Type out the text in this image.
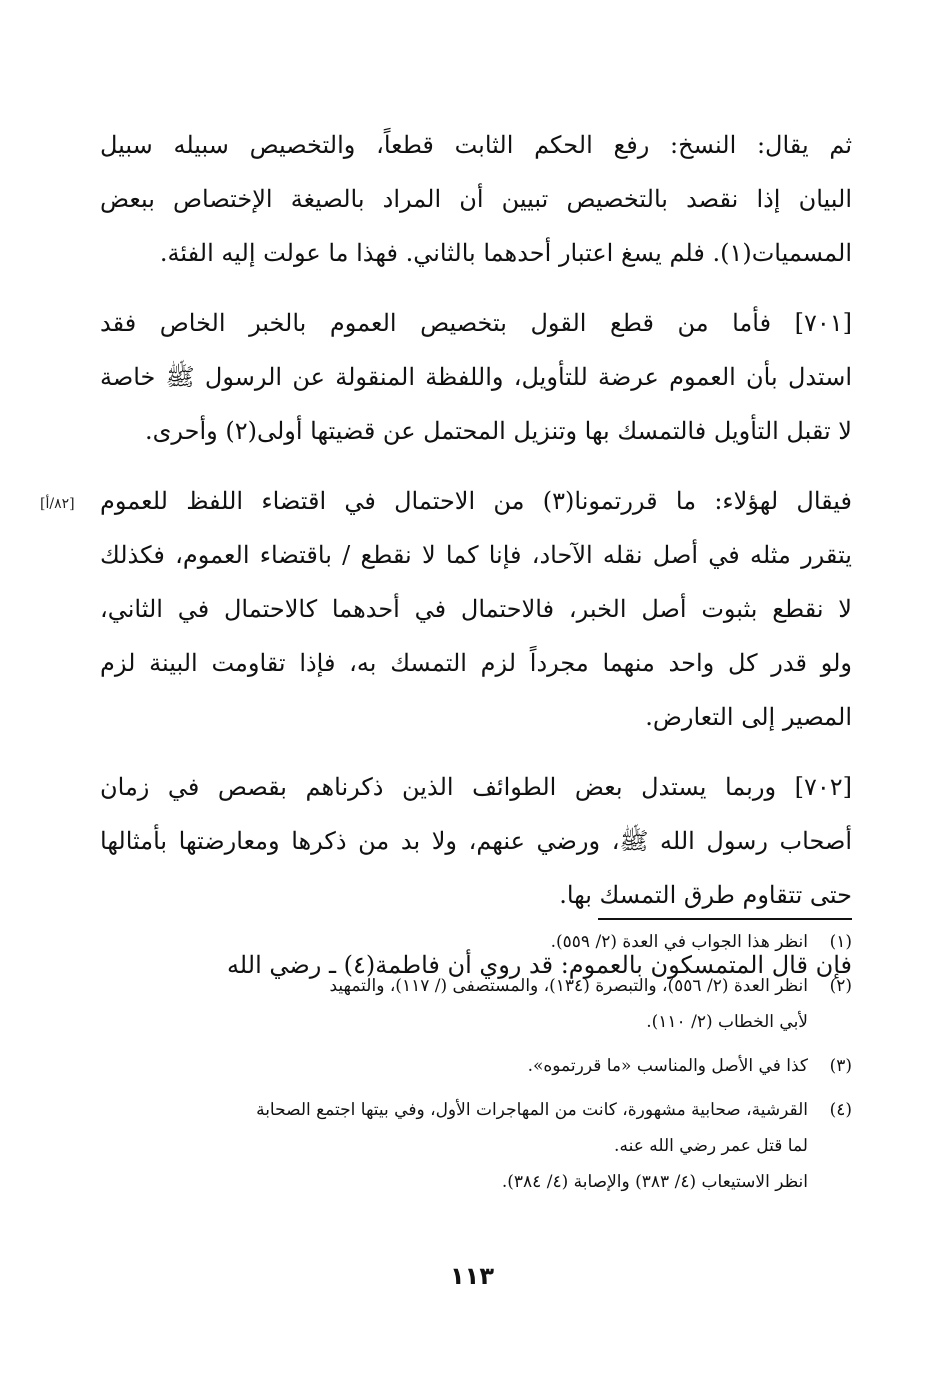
ثم يقال: النسخ: رفع الحكم الثابت قطعاً، والتخصيص سبيله سبيل
البيان إذا نقصد بالتخصيص تبيين أن المراد بالصيغة الإختصاص ببعض
المسميات(١). فلم يسغ اعتبار أحدهما بالثاني. فهذا ما عولت إليه الفئة.
[٧٠١] فأما من قطع القول بتخصيص العموم بالخبر الخاص فقد
استدل بأن العموم عرضة للتأويل، واللفظة المنقولة عن الرسول ﷺ خاصة
لا تقبل التأويل فالتمسك بها وتنزيل المحتمل عن قضيتها أولى(٢) وأحرى.
فيقال لهؤلاء: ما قررتمونا(٣) من الاحتمال في اقتضاء اللفظ للعموم
يتقرر مثله في أصل نقله الآحاد، فإنا كما لا نقطع / باقتضاء العموم، فكذلك
لا نقطع بثبوت أصل الخبر، فالاحتمال في أحدهما كالاحتمال في الثاني،
ولو قدر كل واحد منهما مجرداً لزم التمسك به، فإذا تقاومت البينة لزم
المصير إلى التعارض.
[٧٠٢] وربما يستدل بعض الطوائف الذين ذكرناهم بقصص في زمان
أصحاب رسول الله ﷺ، ورضي عنهم، ولا بد من ذكرها ومعارضتها بأمثالها
حتى تتقاوم طرق التمسك بها.
فإن قال المتمسكون بالعموم: قد روي أن فاطمة(٤) ـ رضي الله
[٨٢/أ]
(١)انظر هذا الجواب في العدة (٢/ ٥٥٩).
(٢)انظر العدة (٢/ ٥٥٦)، والتبصرة (١٣٤)، والمستصفى (/ ١١٧)، والتمهيد
لأبي الخطاب (٢/ ١١٠).
(٣)كذا في الأصل والمناسب «ما قررتموه».
(٤)القرشية، صحابية مشهورة، كانت من المهاجرات الأول، وفي بيتها اجتمع الصحابة
لما قتل عمر رضي الله عنه.
انظر الاستيعاب (٤/ ٣٨٣) والإصابة (٤/ ٣٨٤).
١١٣
